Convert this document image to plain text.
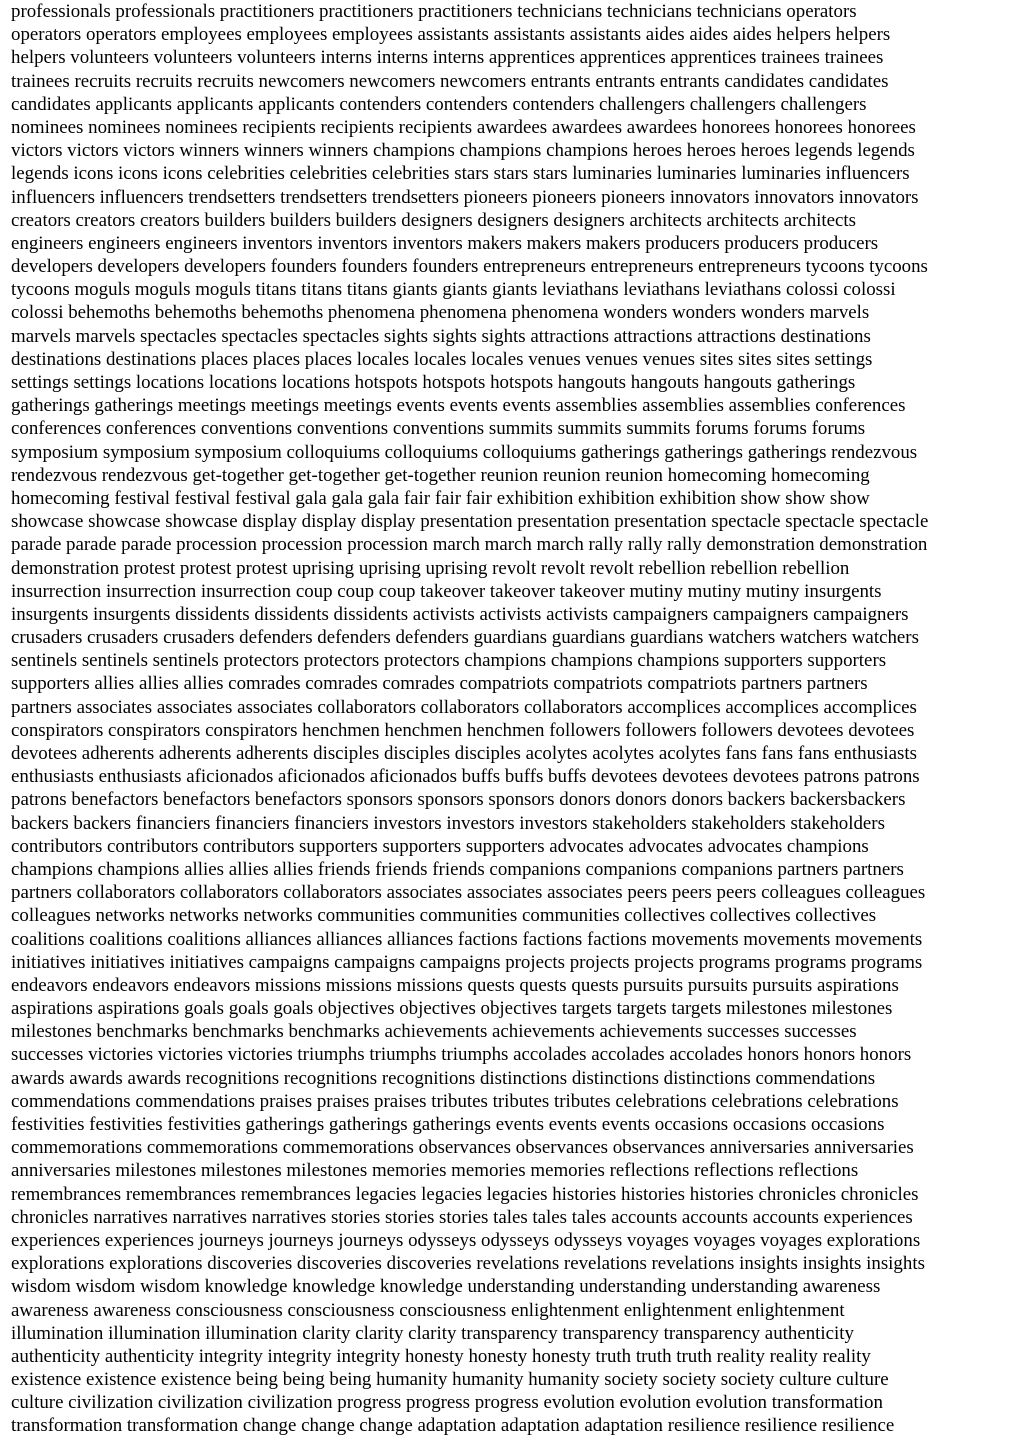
professionals professionals practitioners practitioners practitioners technicians technicians technicians operators

operators operators employees employees employees assistants assistants assistants aides aides aides helpers helpers

helpers volunteers volunteers volunteers interns interns interns apprentices apprentices apprentices trainees trainees

trainees recruits recruits recruits newcomers newcomers newcomers entrants entrants entrants candidates candidates

candidates applicants applicants applicants contenders contenders contenders challengers challengers challengers

nominees nominees nominees recipients recipients recipients awardees awardees awardees honorees honorees honorees

victors victors victors winners winners winners champions champions champions heroes heroes heroes legends legends

legends icons icons icons celebrities celebrities celebrities stars stars stars luminaries luminaries luminaries influencers

influencers influencers trendsetters trendsetters trendsetters pioneers pioneers pioneers innovators innovators innovators

creators creators creators builders builders builders designers designers designers architects architects architects

engineers engineers engineers inventors inventors inventors makers makers makers producers producers producers

developers developers developers founders founders founders entrepreneurs entrepreneurs entrepreneurs tycoons tycoons

tycoons moguls moguls moguls titans titans titans giants giants giants leviathans leviathans leviathans colossi colossi

colossi behemoths behemoths behemoths phenomena phenomena phenomena wonders wonders wonders marvels

marvels marvels spectacles spectacles spectacles sights sights sights attractions attractions attractions destinations

destinations destinations places places places locales locales locales venues venues venues sites sites sites settings

settings settings locations locations locations hotspots hotspots hotspots hangouts hangouts hangouts gatherings

gatherings gatherings meetings meetings meetings events events events assemblies assemblies assemblies conferences

conferences conferences conventions conventions conventions summits summits summits forums forums forums

symposium symposium symposium colloquiums colloquiums colloquiums gatherings gatherings gatherings rendezvous

rendezvous rendezvous get-together get-together get-together reunion reunion reunion homecoming homecoming

homecoming festival festival festival gala gala gala fair fair fair exhibition exhibition exhibition show show show

showcase showcase showcase display display display presentation presentation presentation spectacle spectacle spectacle

parade parade parade procession procession procession march march march rally rally rally demonstration demonstration

demonstration protest protest protest uprising uprising uprising revolt revolt revolt rebellion rebellion rebellion

insurrection insurrection insurrection coup coup coup takeover takeover takeover mutiny mutiny mutiny insurgents

insurgents insurgents dissidents dissidents dissidents activists activists activists campaigners campaigners campaigners

crusaders crusaders crusaders defenders defenders defenders guardians guardians guardians watchers watchers watchers

sentinels sentinels sentinels protectors protectors protectors champions champions champions supporters supporters

supporters allies allies allies comrades comrades comrades compatriots compatriots compatriots partners partners

partners associates associates associates collaborators collaborators collaborators accomplices accomplices accomplices

conspirators conspirators conspirators henchmen henchmen henchmen followers followers followers devotees devotees

devotees adherents adherents adherents disciples disciples disciples acolytes acolytes acolytes fans fans fans enthusiasts

enthusiasts enthusiasts aficionados aficionados aficionados buffs buffs buffs devotees devotees devotees patrons patrons

patrons benefactors benefactors benefactors sponsors sponsors sponsors donors donors donors backers backersbackers

backers backers financiers financiers financiers investors investors investors stakeholders stakeholders stakeholders

contributors contributors contributors supporters supporters supporters advocates advocates advocates champions

champions champions allies allies allies friends friends friends companions companions companions partners partners

partners collaborators collaborators collaborators associates associates associates peers peers peers colleagues colleagues

colleagues networks networks networks communities communities communities collectives collectives collectives

coalitions coalitions coalitions alliances alliances alliances factions factions factions movements movements movements

initiatives initiatives initiatives campaigns campaigns campaigns projects projects projects programs programs programs

endeavors endeavors endeavors missions missions missions quests quests quests pursuits pursuits pursuits aspirations

aspirations aspirations goals goals goals objectives objectives objectives targets targets targets milestones milestones

milestones benchmarks benchmarks benchmarks achievements achievements achievements successes successes

successes victories victories victories triumphs triumphs triumphs accolades accolades accolades honors honors honors

awards awards awards recognitions recognitions recognitions distinctions distinctions distinctions commendations

commendations commendations praises praises praises tributes tributes tributes celebrations celebrations celebrations

festivities festivities festivities gatherings gatherings gatherings events events events occasions occasions occasions

commemorations commemorations commemorations observances observances observances anniversaries anniversaries

anniversaries milestones milestones milestones memories memories memories reflections reflections reflections

remembrances remembrances remembrances legacies legacies legacies histories histories histories chronicles chronicles

chronicles narratives narratives narratives stories stories stories tales tales tales accounts accounts accounts experiences

experiences experiences journeys journeys journeys odysseys odysseys odysseys voyages voyages voyages explorations

explorations explorations discoveries discoveries discoveries revelations revelations revelations insights insights insights

wisdom wisdom wisdom knowledge knowledge knowledge understanding understanding understanding awareness

awareness awareness consciousness consciousness consciousness enlightenment enlightenment enlightenment

illumination illumination illumination clarity clarity clarity transparency transparency transparency authenticity

authenticity authenticity integrity integrity integrity honesty honesty honesty truth truth truth reality reality reality

existence existence existence being being being humanity humanity humanity society society society culture culture

culture civilization civilization civilization progress progress progress evolution evolution evolution transformation

transformation transformation change change change adaptation adaptation adaptation resilience resilience resilience
